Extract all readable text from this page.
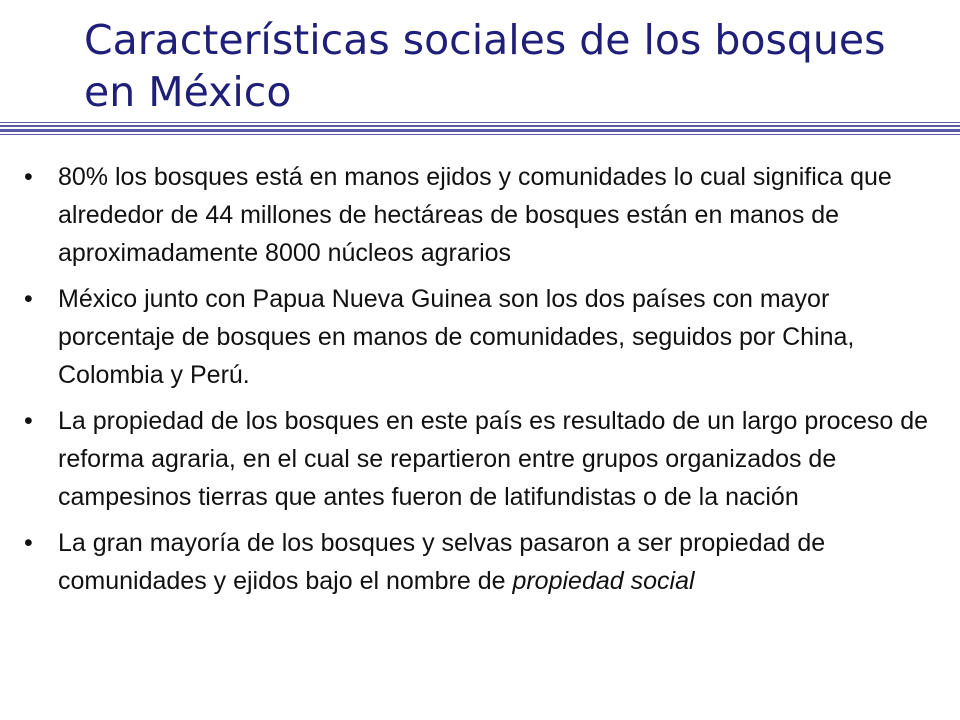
Características sociales de los bosques en México
• 80% los bosques está en manos ejidos y comunidades lo cual significa que alrededor de 44 millones de hectáreas de bosques están en manos de aproximadamente 8000 núcleos agrarios
• México junto con Papua Nueva Guinea son los dos países con mayor porcentaje de bosques en manos de comunidades, seguidos por China, Colombia y Perú.
• La propiedad de los bosques en este país es resultado de un largo proceso de reforma agraria, en el cual se repartieron entre grupos organizados de campesinos tierras que antes fueron de latifundistas o de la nación
• La gran mayoría de los bosques y selvas pasaron a ser propiedad de comunidades y ejidos bajo el nombre de propiedad social
